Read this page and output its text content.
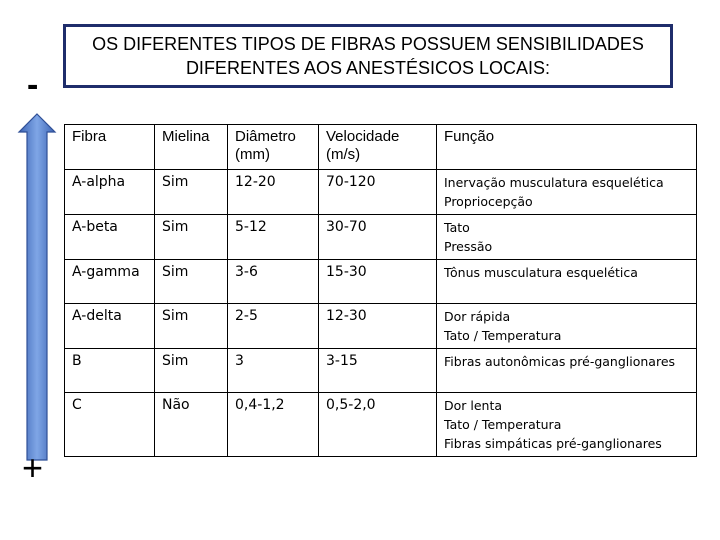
OS DIFERENTES TIPOS DE FIBRAS POSSUEM SENSIBILIDADES
DIFERENTES AOS ANESTÉSICOS LOCAIS:
-
+
Fibra	Mielina	Diâmetro (mm)	Velocidade (m/s)	Função
A-alpha	Sim	12-20	70-120	Inervação musculatura esquelética
Propriocepção

A-beta	Sim	5-12	30-70	Tato
Pressão

A-gamma	Sim	3-6	15-30	Tônus musculatura esquelética

A-delta	Sim	2-5	12-30	Dor rápida
Tato / Temperatura

B	Sim	3	3-15	Fibras autonômicas pré-ganglionares

C	Não	0,4-1,2	0,5-2,0	Dor lenta
Tato / Temperatura
Fibras simpáticas pré-ganglionares
